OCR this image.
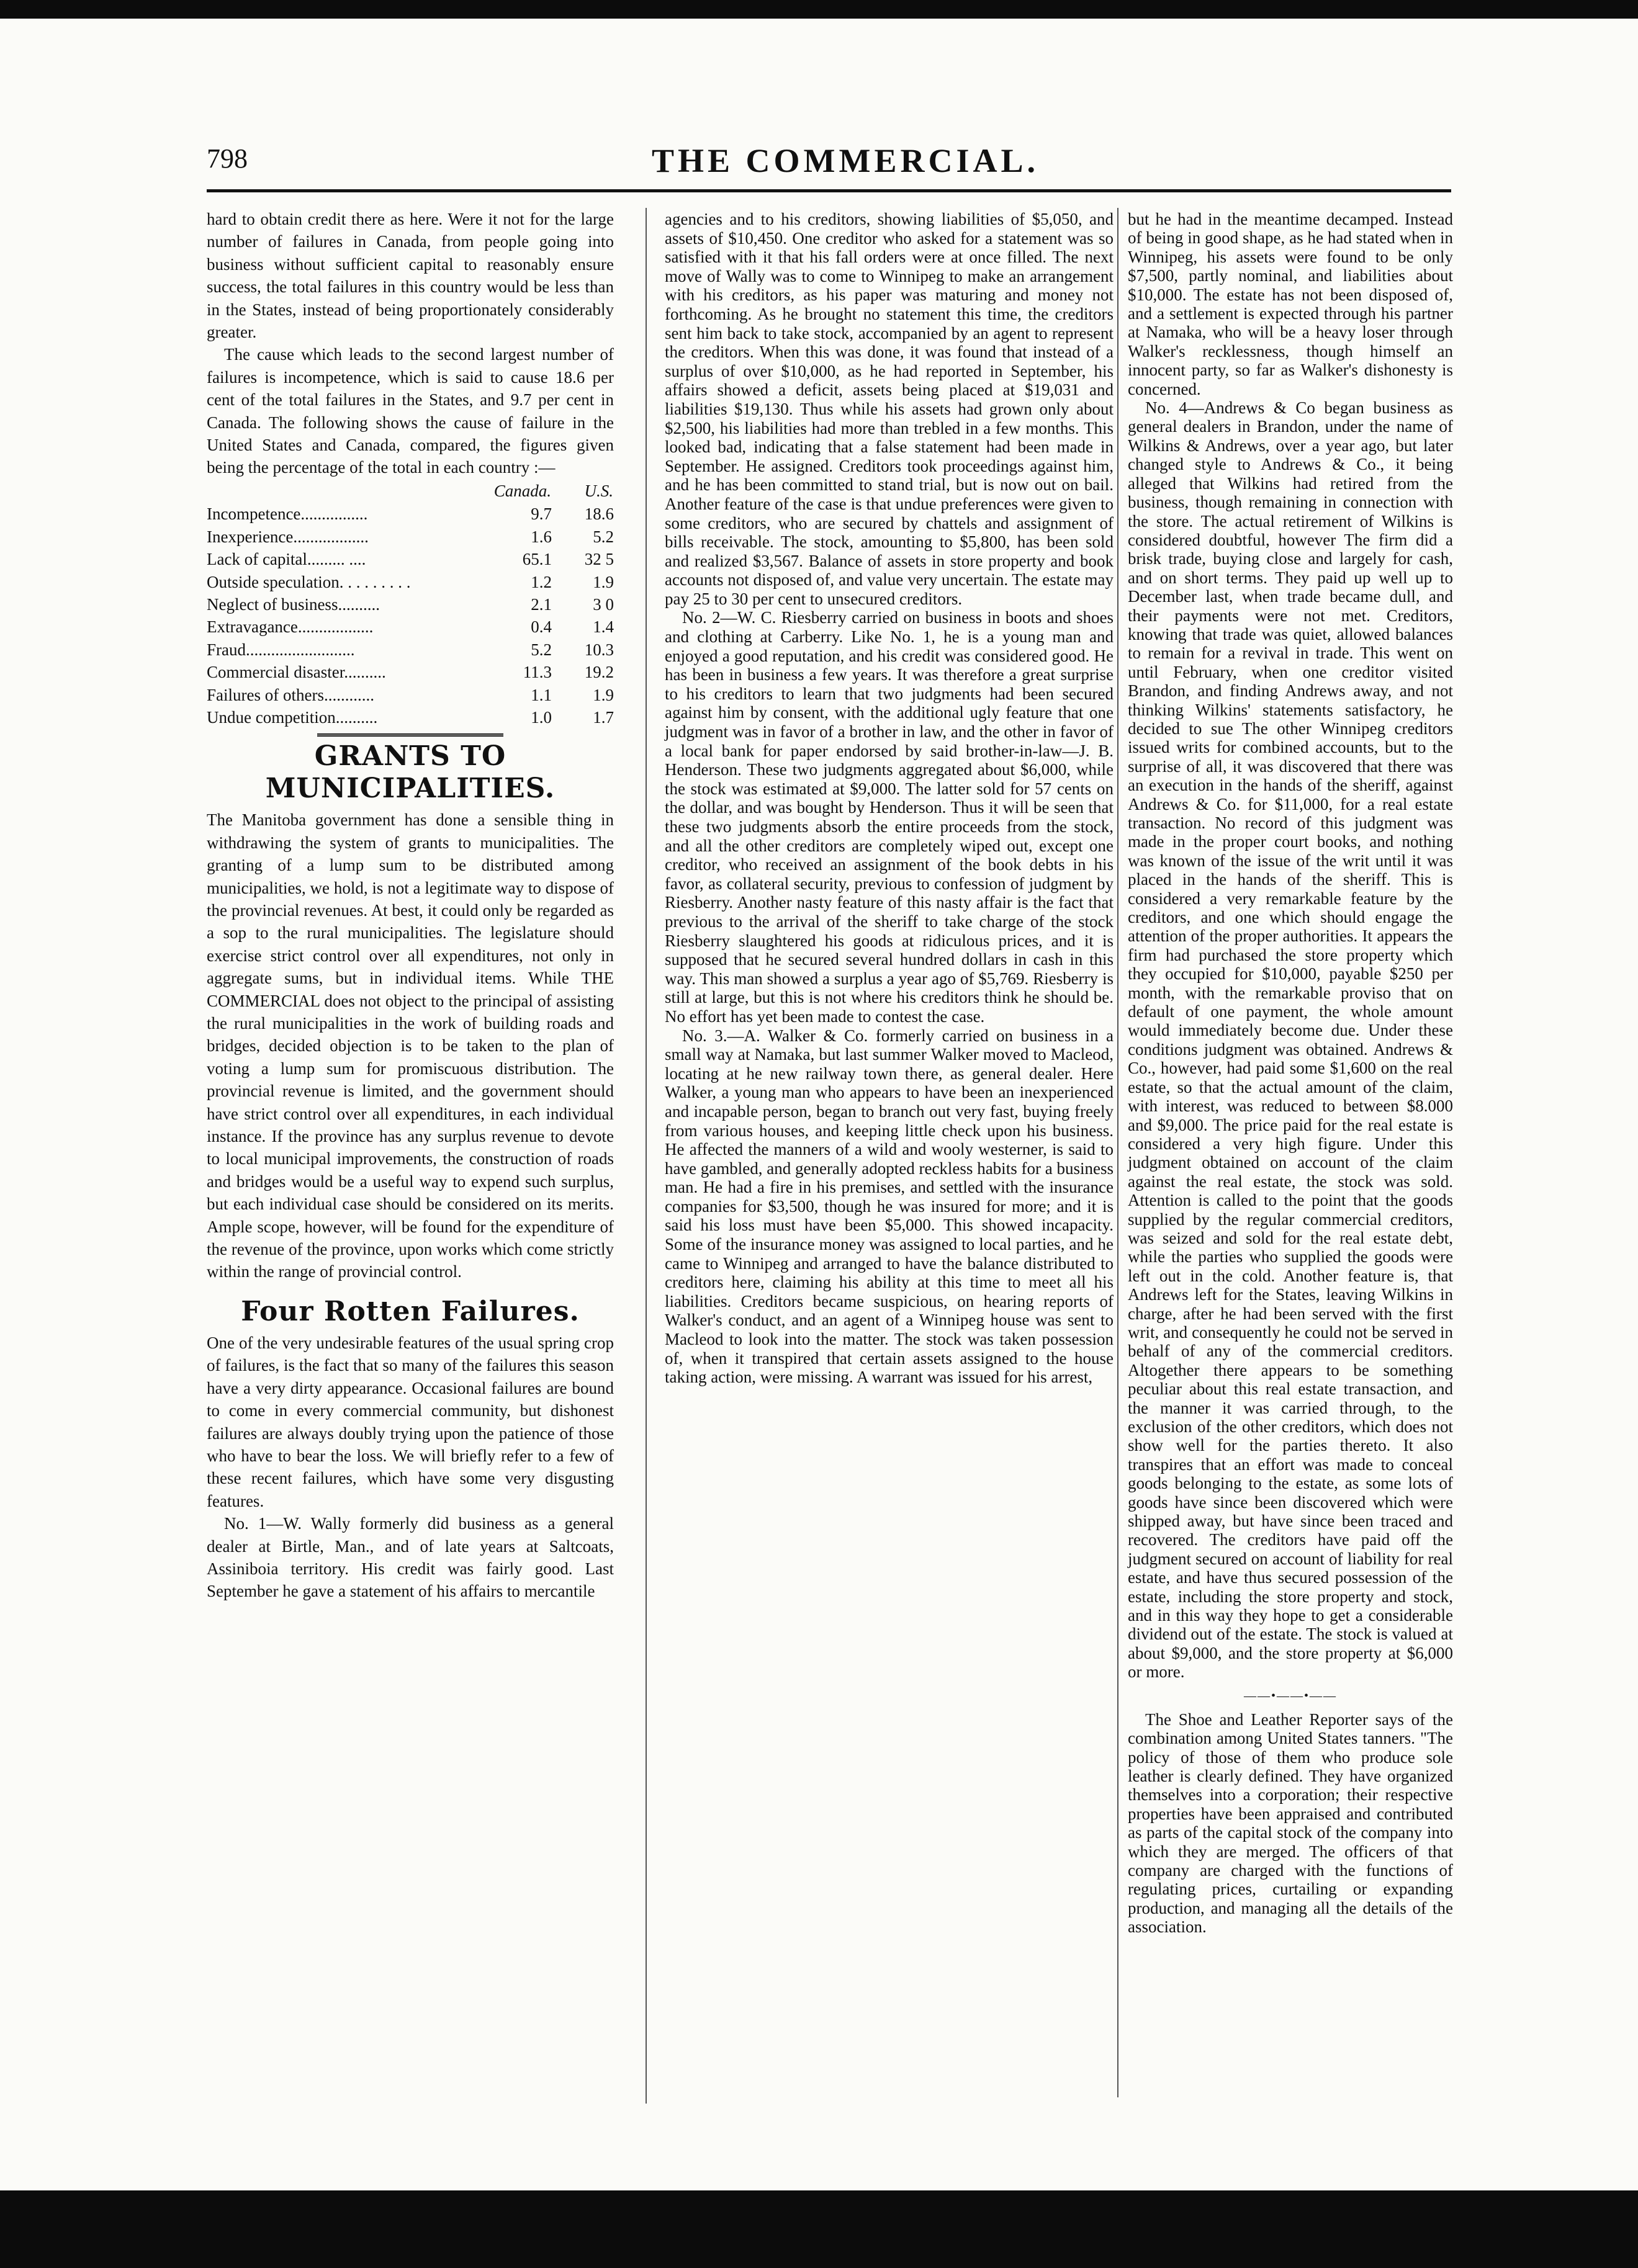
798	THE COMMERCIAL.

hard to obtain credit there as here. Were it not for the large number of failures in Canada, from people going into business without sufficient capital to reasonably ensure success, the total failures in this country would be less than in the States, instead of being proportionately considerably greater.

The cause which leads to the second largest number of failures is incompetence, which is said to cause 18.6 per cent of the total failures in the States, and 9.7 per cent in Canada. The following shows the cause of failure in the United States and Canada, compared, the figures given being the percentage of the total in each country :—

	Canada.	U.S.
Incompetence................	9.7	18.6
Inexperience..................	1.6	5.2
Lack of capital......... ....	65.1	32 5
Outside speculation. . . . . . . . .	1.2	1.9
Neglect of business..........	2.1	3 0
Extravagance..................	0.4	1.4
Fraud..........................	5.2	10.3
Commercial disaster..........	11.3	19.2
Failures of others............	1.1	1.9
Undue competition..........	1.0	1.7
GRANTS TO MUNICIPALITIES.

The Manitoba government has done a sensible thing in withdrawing the system of grants to municipalities. The granting of a lump sum to be distributed among municipalities, we hold, is not a legitimate way to dispose of the provincial revenues. At best, it could only be regarded as a sop to the rural municipalities. The legislature should exercise strict control over all expenditures, not only in aggregate sums, but in individual items. While THE COMMERCIAL does not object to the principal of assisting the rural municipalities in the work of building roads and bridges, decided objection is to be taken to the plan of voting a lump sum for promiscuous distribution. The provincial revenue is limited, and the government should have strict control over all expenditures, in each individual instance. If the province has any surplus revenue to devote to local municipal improvements, the construction of roads and bridges would be a useful way to expend such surplus, but each individual case should be considered on its merits. Ample scope, however, will be found for the expenditure of the revenue of the province, upon works which come strictly within the range of provincial control.

Four Rotten Failures.

One of the very undesirable features of the usual spring crop of failures, is the fact that so many of the failures this season have a very dirty appearance. Occasional failures are bound to come in every commercial community, but dishonest failures are always doubly trying upon the patience of those who have to bear the loss. We will briefly refer to a few of these recent failures, which have some very disgusting features.

No. 1—W. Wally formerly did business as a general dealer at Birtle, Man., and of late years at Saltcoats, Assiniboia territory. His credit was fairly good. Last September he gave a statement of his affairs to mercantile

agencies and to his creditors, showing liabilities of $5,050, and assets of $10,450. One creditor who asked for a statement was so satisfied with it that his fall orders were at once filled. The next move of Wally was to come to Winnipeg to make an arrangement with his creditors, as his paper was maturing and money not forthcoming. As he brought no statement this time, the creditors sent him back to take stock, accompanied by an agent to represent the creditors. When this was done, it was found that instead of a surplus of over $10,000, as he had reported in September, his affairs showed a deficit, assets being placed at $19,031 and liabilities $19,130. Thus while his assets had grown only about $2,500, his liabilities had more than trebled in a few months. This looked bad, indicating that a false statement had been made in September. He assigned. Creditors took proceedings against him, and he has been committed to stand trial, but is now out on bail. Another feature of the case is that undue preferences were given to some creditors, who are secured by chattels and assignment of bills receivable. The stock, amounting to $5,800, has been sold and realized $3,567. Balance of assets in store property and book accounts not disposed of, and value very uncertain. The estate may pay 25 to 30 per cent to unsecured creditors.

No. 2—W. C. Riesberry carried on business in boots and shoes and clothing at Carberry. Like No. 1, he is a young man and enjoyed a good reputation, and his credit was considered good. He has been in business a few years. It was therefore a great surprise to his creditors to learn that two judgments had been secured against him by consent, with the additional ugly feature that one judgment was in favor of a brother in law, and the other in favor of a local bank for paper endorsed by said brother-in-law—J. B. Henderson. These two judgments aggregated about $6,000, while the stock was estimated at $9,000. The latter sold for 57 cents on the dollar, and was bought by Henderson. Thus it will be seen that these two judgments absorb the entire proceeds from the stock, and all the other creditors are completely wiped out, except one creditor, who received an assignment of the book debts in his favor, as collateral security, previous to confession of judgment by Riesberry. Another nasty feature of this nasty affair is the fact that previous to the arrival of the sheriff to take charge of the stock Riesberry slaughtered his goods at ridiculous prices, and it is supposed that he secured several hundred dollars in cash in this way. This man showed a surplus a year ago of $5,769. Riesberry is still at large, but this is not where his creditors think he should be. No effort has yet been made to contest the case.

No. 3.—A. Walker & Co. formerly carried on business in a small way at Namaka, but last summer Walker moved to Macleod, locating at he new railway town there, as general dealer. Here Walker, a young man who appears to have been an inexperienced and incapable person, began to branch out very fast, buying freely from various houses, and keeping little check upon his business. He affected the manners of a wild and wooly westerner, is said to have gambled, and generally adopted reckless habits for a business man. He had a fire in his premises, and settled with the insurance companies for $3,500, though he was insured for more; and it is said his loss must have been $5,000. This showed incapacity. Some of the insurance money was assigned to local parties, and he came to Winnipeg and arranged to have the balance distributed to creditors here, claiming his ability at this time to meet all his liabilities. Creditors became suspicious, on hearing reports of Walker's conduct, and an agent of a Winnipeg house was sent to Macleod to look into the matter. The stock was taken possession of, when it transpired that certain assets assigned to the house taking action, were missing. A warrant was issued for his arrest,

but he had in the meantime decamped. Instead of being in good shape, as he had stated when in Winnipeg, his assets were found to be only $7,500, partly nominal, and liabilities about $10,000. The estate has not been disposed of, and a settlement is expected through his partner at Namaka, who will be a heavy loser through Walker's recklessness, though himself an innocent party, so far as Walker's dishonesty is concerned.

No. 4—Andrews & Co began business as general dealers in Brandon, under the name of Wilkins & Andrews, over a year ago, but later changed style to Andrews & Co., it being alleged that Wilkins had retired from the business, though remaining in connection with the store. The actual retirement of Wilkins is considered doubtful, however The firm did a brisk trade, buying close and largely for cash, and on short terms. They paid up well up to December last, when trade became dull, and their payments were not met. Creditors, knowing that trade was quiet, allowed balances to remain for a revival in trade. This went on until February, when one creditor visited Brandon, and finding Andrews away, and not thinking Wilkins' statements satisfactory, he decided to sue The other Winnipeg creditors issued writs for combined accounts, but to the surprise of all, it was discovered that there was an execution in the hands of the sheriff, against Andrews & Co. for $11,000, for a real estate transaction. No record of this judgment was made in the proper court books, and nothing was known of the issue of the writ until it was placed in the hands of the sheriff. This is considered a very remarkable feature by the creditors, and one which should engage the attention of the proper authorities. It appears the firm had purchased the store property which they occupied for $10,000, payable $250 per month, with the remarkable proviso that on default of one payment, the whole amount would immediately become due. Under these conditions judgment was obtained. Andrews & Co., however, had paid some $1,600 on the real estate, so that the actual amount of the claim, with interest, was reduced to between $8.000 and $9,000. The price paid for the real estate is considered a very high figure. Under this judgment obtained on account of the claim against the real estate, the stock was sold. Attention is called to the point that the goods supplied by the regular commercial creditors, was seized and sold for the real estate debt, while the parties who supplied the goods were left out in the cold. Another feature is, that Andrews left for the States, leaving Wilkins in charge, after he had been served with the first writ, and consequently he could not be served in behalf of any of the commercial creditors. Altogether there appears to be something peculiar about this real estate transaction, and the manner it was carried through, to the exclusion of the other creditors, which does not show well for the parties thereto. It also transpires that an effort was made to conceal goods belonging to the estate, as some lots of goods have since been discovered which were shipped away, but have since been traced and recovered. The creditors have paid off the judgment secured on account of liability for real estate, and have thus secured possession of the estate, including the store property and stock, and in this way they hope to get a considerable dividend out of the estate. The stock is valued at about $9,000, and the store property at $6,000 or more.

——•——•——

The Shoe and Leather Reporter says of the combination among United States tanners. "The policy of those of them who produce sole leather is clearly defined. They have organized themselves into a corporation; their respective properties have been appraised and contributed as parts of the capital stock of the company into which they are merged. The officers of that company are charged with the functions of regulating prices, curtailing or expanding production, and managing all the details of the association.
